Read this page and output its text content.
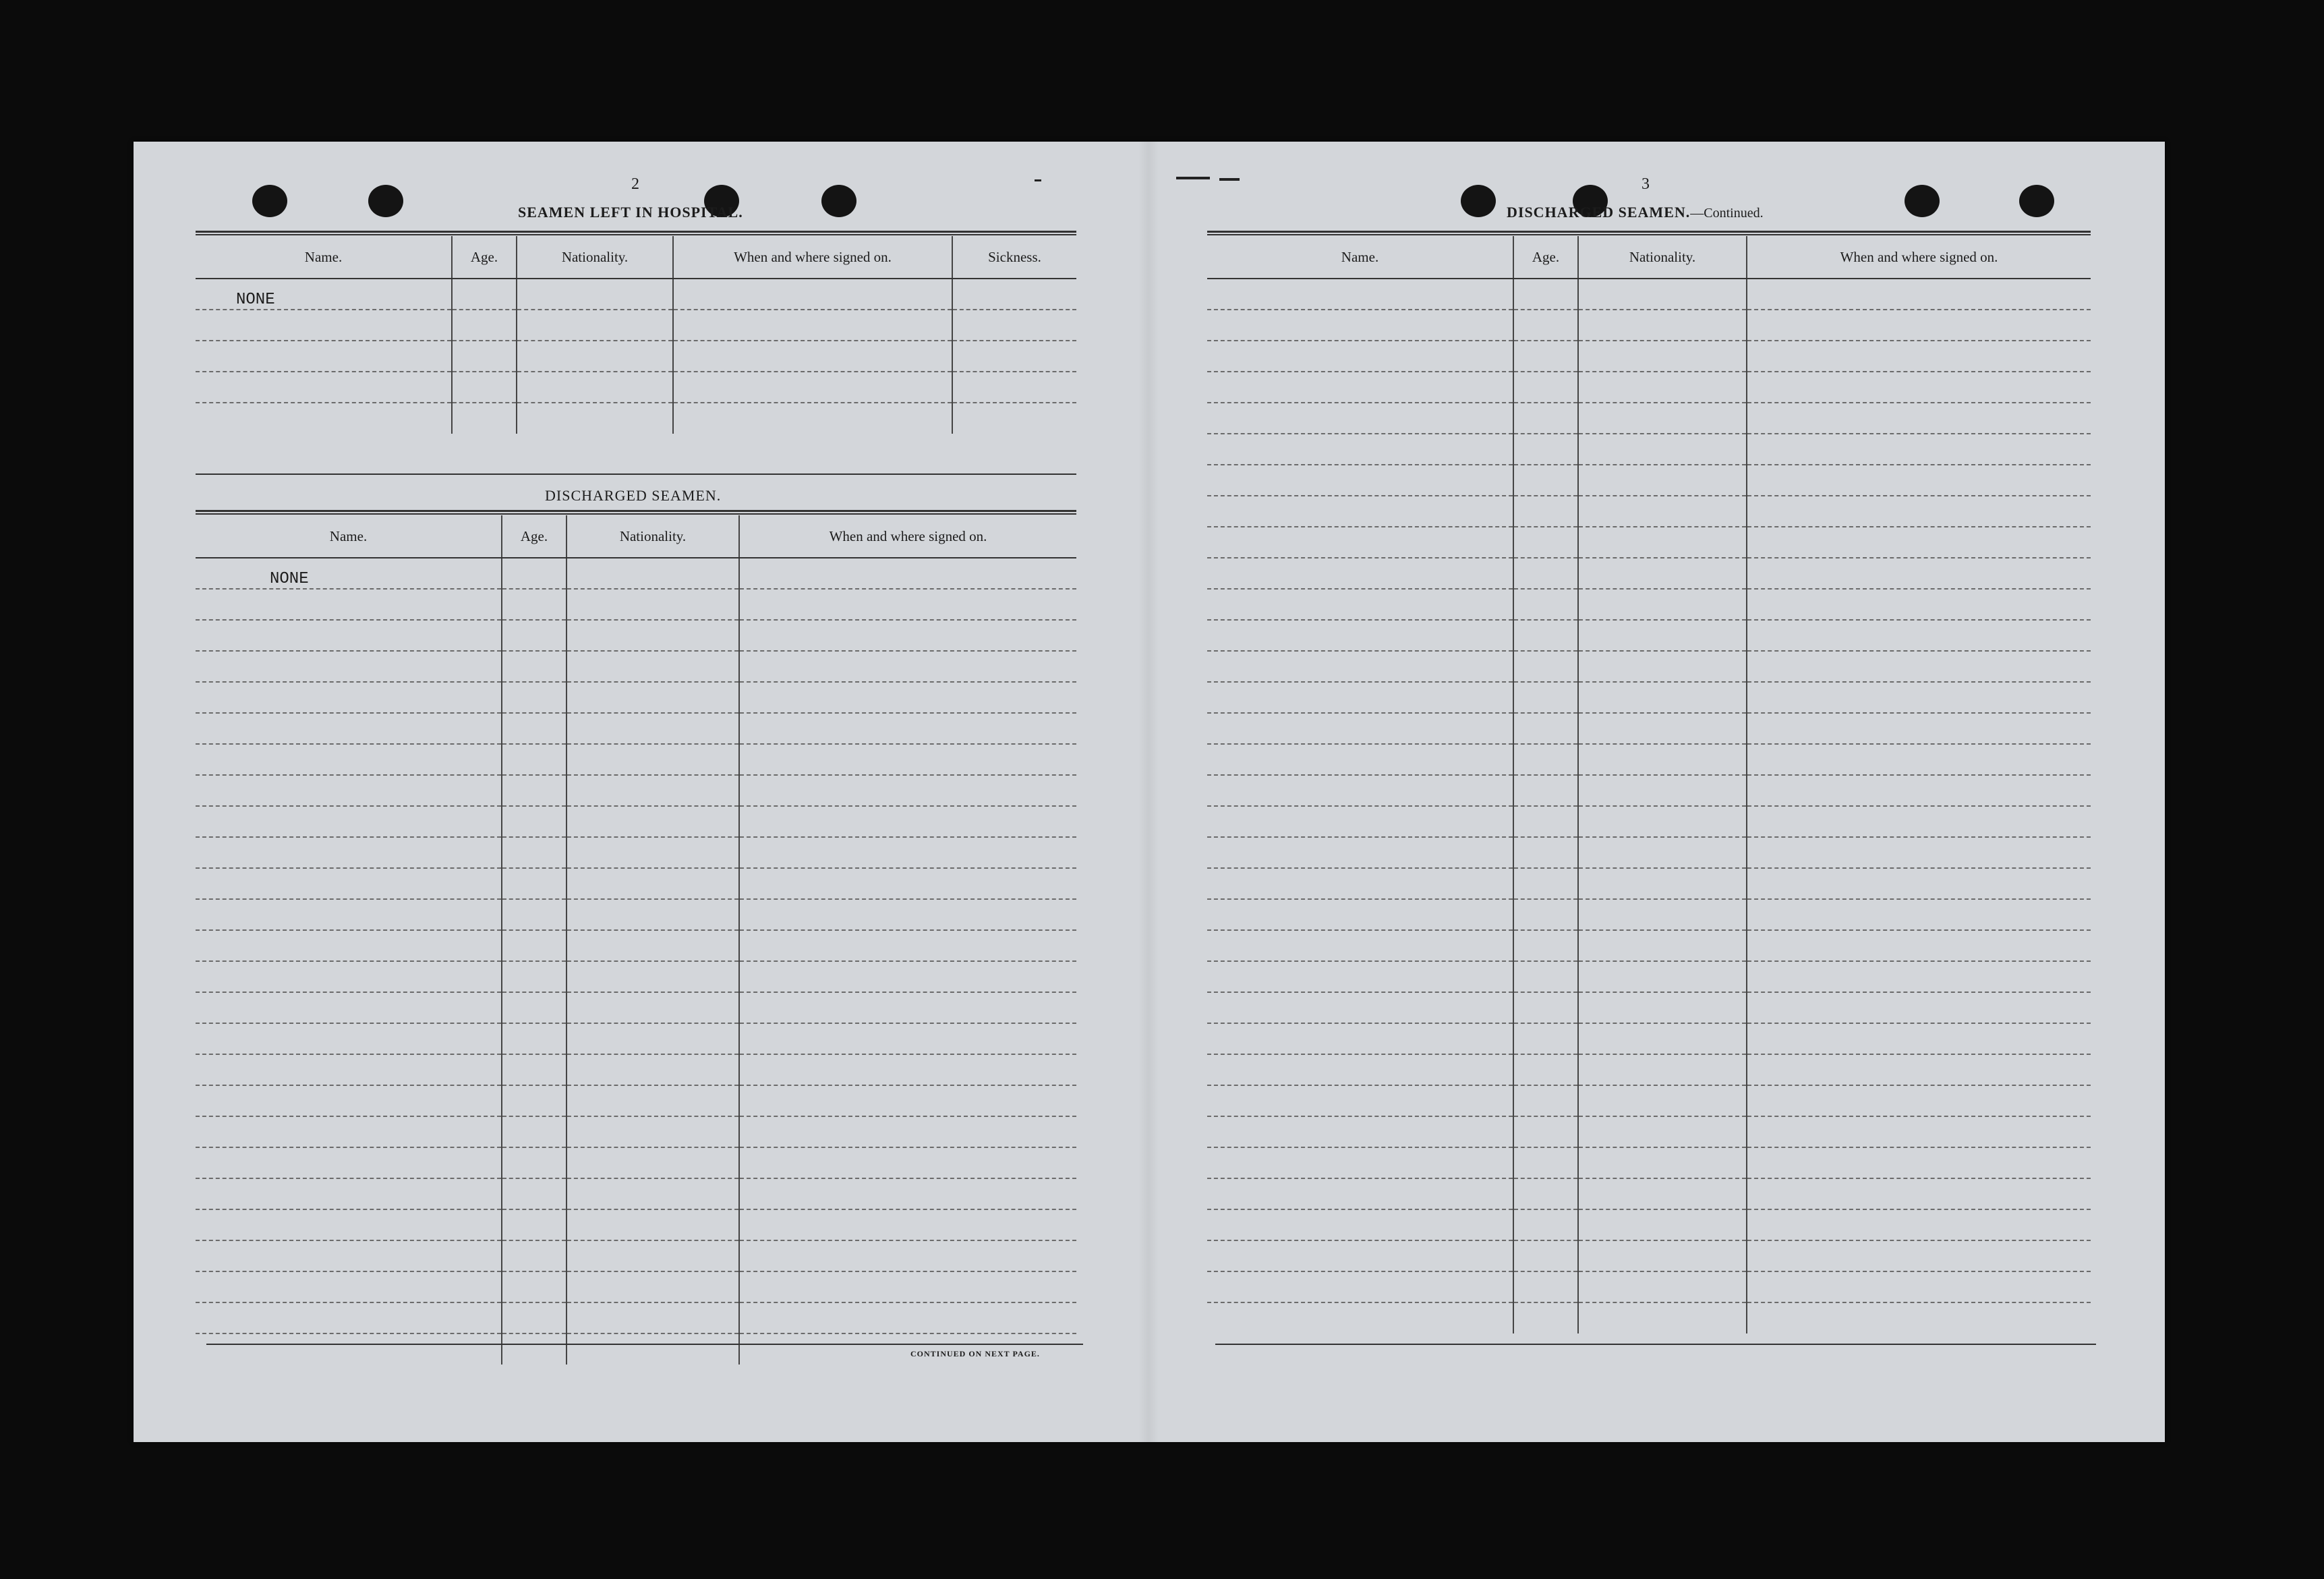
2
SEAMEN LEFT IN HOSPITAL.
Name.	Age.	Nationality.	When and where signed on.	Sickness.
NONE				

DISCHARGED SEAMEN.
Name.	Age.	Nationality.	When and where signed on.
NONE			

CONTINUED ON NEXT PAGE.
3
DISCHARGED SEAMEN.—Continued.
Name.	Age.	Nationality.	When and where signed on.
